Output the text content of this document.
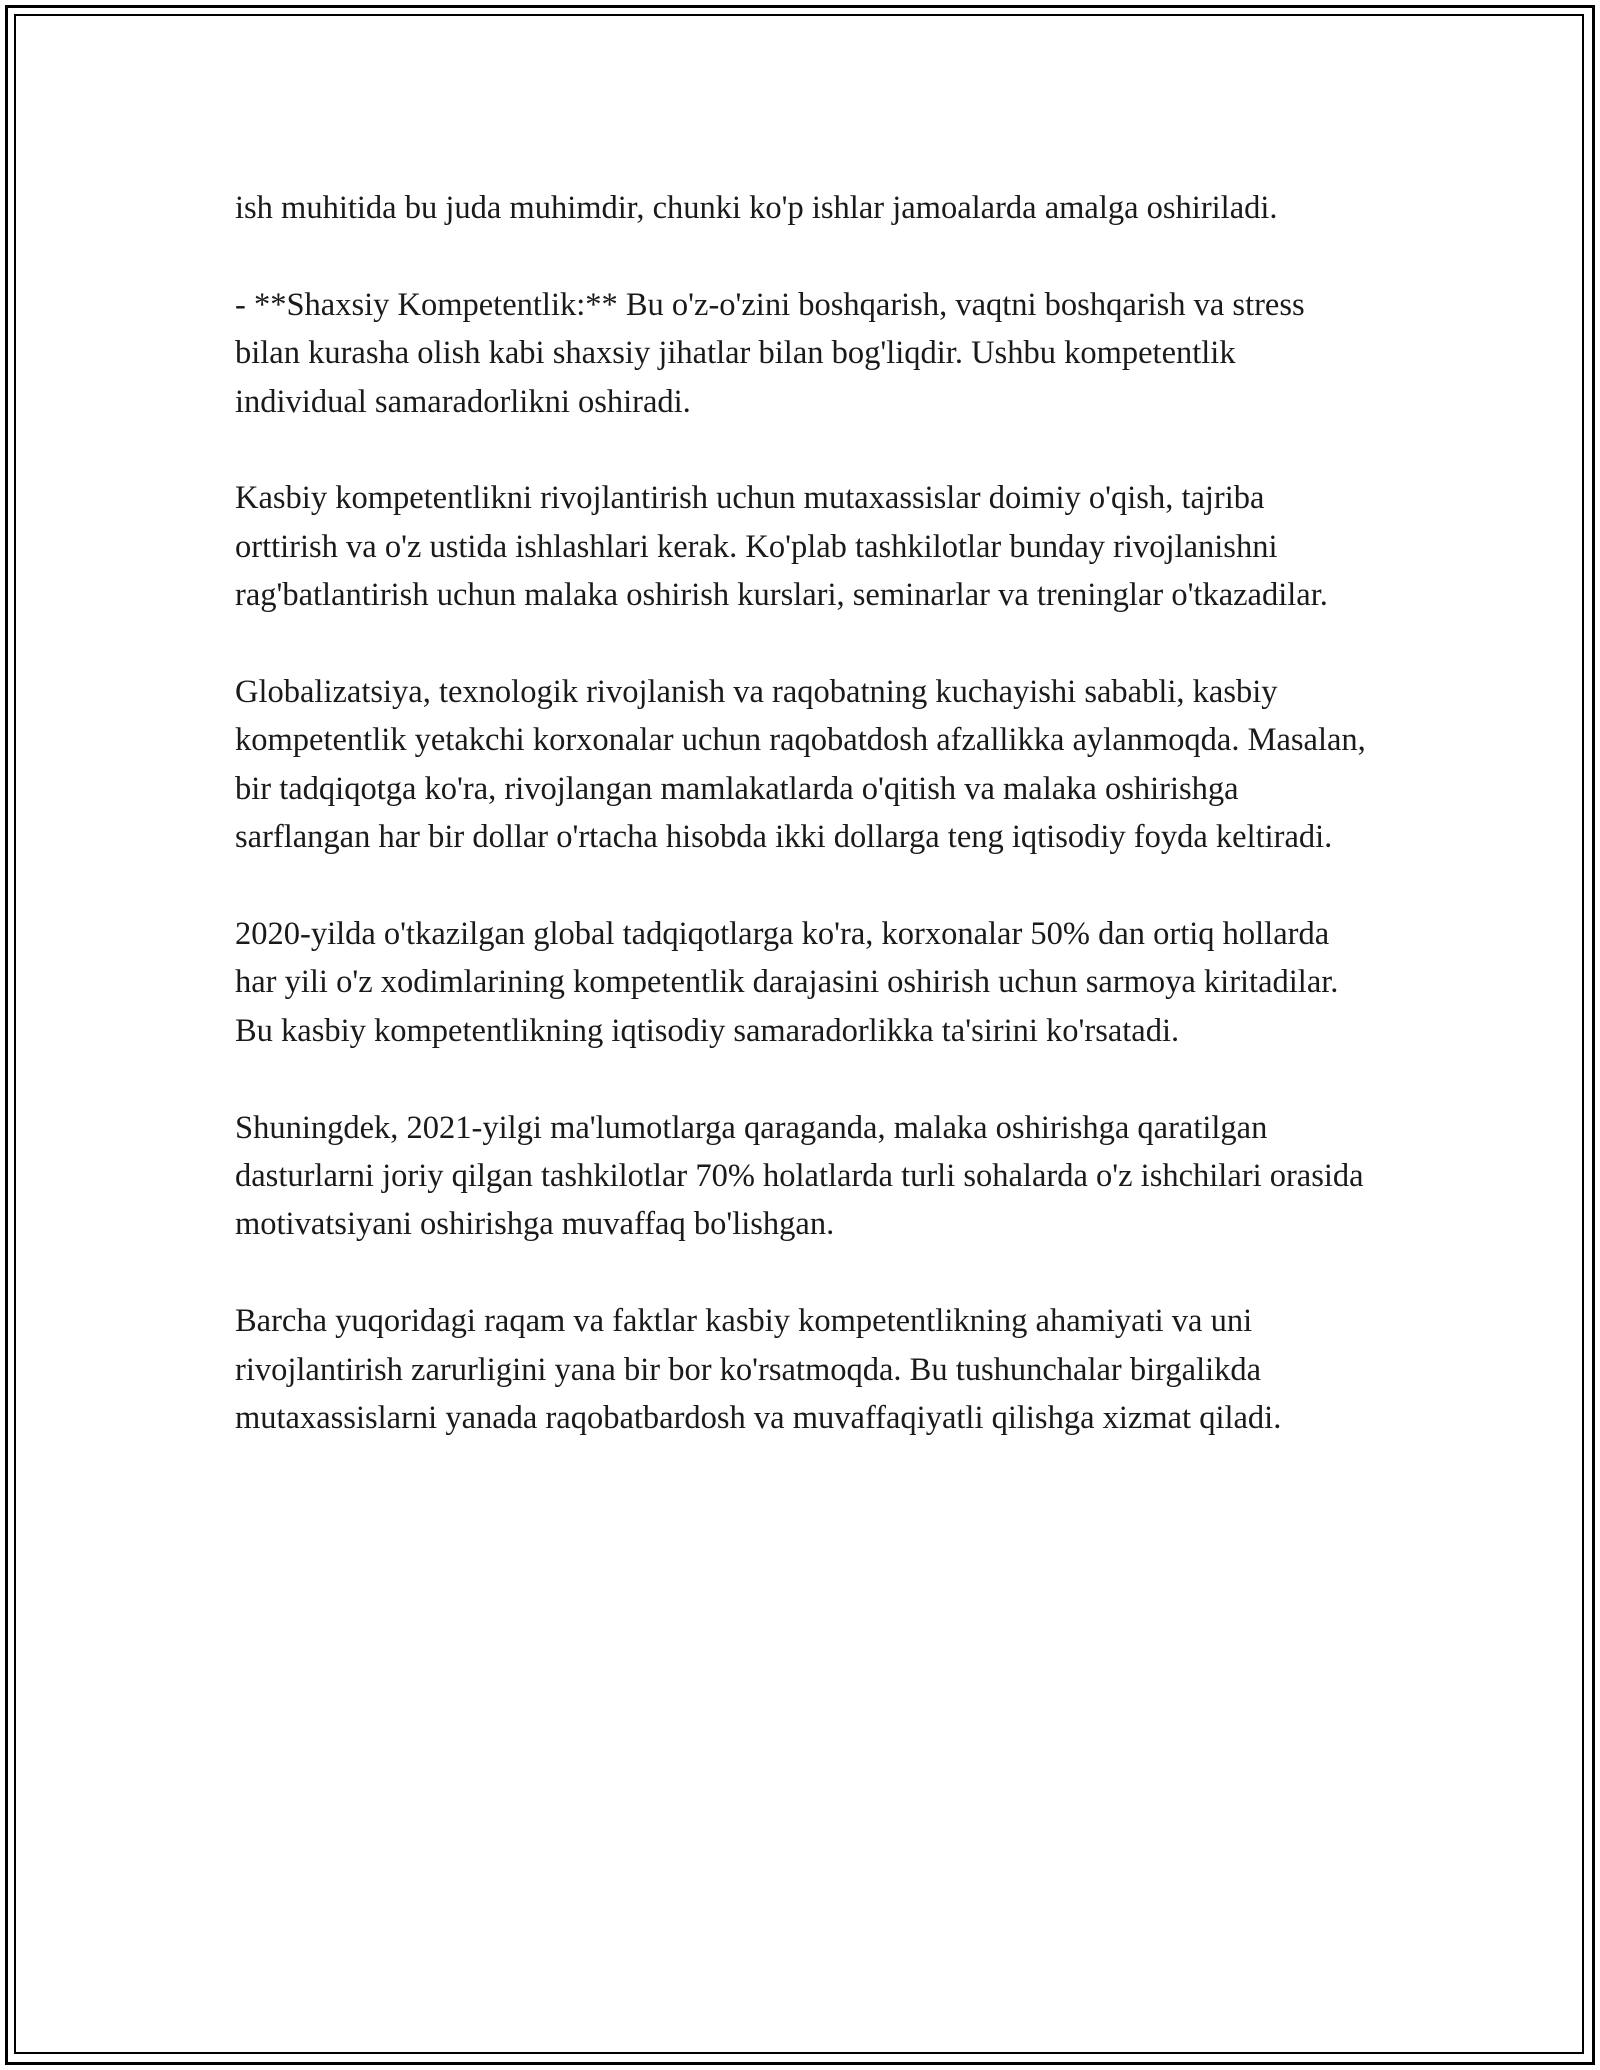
ish muhitida bu juda muhimdir, chunki ko'p ishlar jamoalarda amalga oshiriladi.

- **Shaxsiy Kompetentlik:** Bu o'z-o'zini boshqarish, vaqtni boshqarish va stress bilan kurasha olish kabi shaxsiy jihatlar bilan bog'liqdir. Ushbu kompetentlik individual samaradorlikni oshiradi.

Kasbiy kompetentlikni rivojlantirish uchun mutaxassislar doimiy o'qish, tajriba orttirish va o'z ustida ishlashlari kerak. Ko'plab tashkilotlar bunday rivojlanishni rag'batlantirish uchun malaka oshirish kurslari, seminarlar va treninglar o'tkazadilar.

Globalizatsiya, texnologik rivojlanish va raqobatning kuchayishi sababli, kasbiy kompetentlik yetakchi korxonalar uchun raqobatdosh afzallikka aylanmoqda. Masalan, bir tadqiqotga ko'ra, rivojlangan mamlakatlarda o'qitish va malaka oshirishga sarflangan har bir dollar o'rtacha hisobda ikki dollarga teng iqtisodiy foyda keltiradi.

2020-yilda o'tkazilgan global tadqiqotlarga ko'ra, korxonalar 50% dan ortiq hollarda har yili o'z xodimlarining kompetentlik darajasini oshirish uchun sarmoya kiritadilar. Bu kasbiy kompetentlikning iqtisodiy samaradorlikka ta'sirini ko'rsatadi.

Shuningdek, 2021-yilgi ma'lumotlarga qaraganda, malaka oshirishga qaratilgan dasturlarni joriy qilgan tashkilotlar 70% holatlarda turli sohalarda o'z ishchilari orasida motivatsiyani oshirishga muvaffaq bo'lishgan.

Barcha yuqoridagi raqam va faktlar kasbiy kompetentlikning ahamiyati va uni rivojlantirish zarurligini yana bir bor ko'rsatmoqda. Bu tushunchalar birgalikda mutaxassislarni yanada raqobatbardosh va muvaffaqiyatli qilishga xizmat qiladi.
